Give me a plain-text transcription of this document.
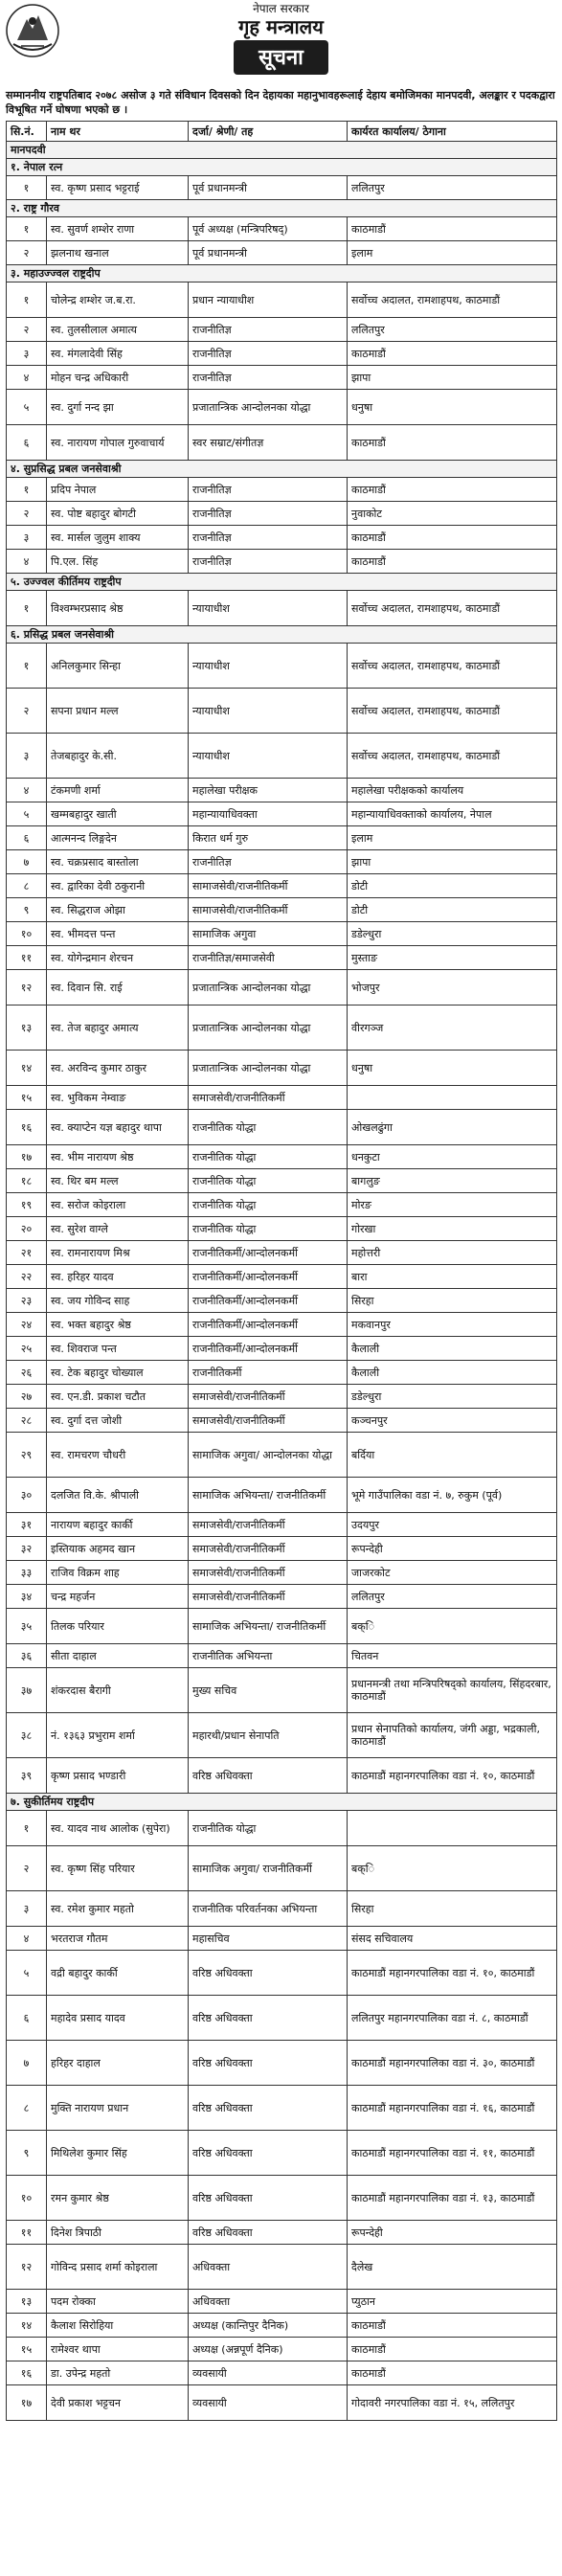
नेपाल सरकार
गृह मन्त्रालय
सूचना
सम्माननीय राष्ट्रपतिबाद २०७८ असोज ३ गते संविधान दिवसको दिन देहायका महानुभावहरूलाई देहाय बमोजिमका मानपदवी, अलङ्कार र पदकद्वारा विभूषित गर्ने घोषणा भएको छ ।
सि.नं.	नाम थर	दर्जा/ श्रेणी/ तह	कार्यरत कार्यालय/ ठेगाना
मानपदवी			
१. नेपाल रत्न			
१	स्व. कृष्ण प्रसाद भट्टराई	पूर्व प्रधानमन्त्री	ललितपुर
२. राष्ट्र गौरव			
१	स्व. सुवर्ण शम्शेर राणा	पूर्व अध्यक्ष (मन्त्रिपरिषद्)	काठमाडौं
२	झलनाथ खनाल	पूर्व प्रधानमन्त्री	इलाम
३. महाउज्ज्वल राष्ट्रदीप			
१	चोलेन्द्र शम्शेर ज.ब.रा.	प्रधान न्यायाधीश	सर्वोच्च अदालत, रामशाहपथ, काठमाडौं
२	स्व. तुलसीलाल अमात्य	राजनीतिज्ञ	ललितपुर
३	स्व. मंगलादेवी सिंह	राजनीतिज्ञ	काठमाडौं
४	मोहन चन्द्र अधिकारी	राजनीतिज्ञ	झापा
५	स्व. दुर्गा नन्द झा	प्रजातान्त्रिक आन्दोलनका योद्धा	धनुषा
६	स्व. नारायण गोपाल गुरुवाचार्य	स्वर सम्राट/संगीतज्ञ	काठमाडौं
४. सुप्रसिद्ध प्रबल जनसेवाश्री			
१	प्रदिप नेपाल	राजनीतिज्ञ	काठमाडौं
२	स्व. पोष्ट बहादुर बोगटी	राजनीतिज्ञ	नुवाकोट
३	स्व. मार्सल जुलुम शाक्य	राजनीतिज्ञ	काठमाडौं
४	पि.एल. सिंह	राजनीतिज्ञ	काठमाडौं
५. उज्ज्वल कीर्तिमय राष्ट्रदीप			
१	विश्वम्भरप्रसाद श्रेष्ठ	न्यायाधीश	सर्वोच्च अदालत, रामशाहपथ, काठमाडौं
६. प्रसिद्ध प्रबल जनसेवाश्री			
१	अनिलकुमार सिन्हा	न्यायाधीश	सर्वोच्च अदालत, रामशाहपथ, काठमाडौं
२	सपना प्रधान मल्ल	न्यायाधीश	सर्वोच्च अदालत, रामशाहपथ, काठमाडौं
३	तेजबहादुर के.सी.	न्यायाधीश	सर्वोच्च अदालत, रामशाहपथ, काठमाडौं
४	टंकमणी शर्मा	महालेखा परीक्षक	महालेखा परीक्षकको कार्यालय
५	खम्मबहादुर खाती	महान्यायाधिवक्ता	महान्यायाधिवक्ताको कार्यालय, नेपाल
६	आत्मनन्द लिङ्गदेन	किरात धर्म गुरु	इलाम
७	स्व. चक्रप्रसाद बास्तोला	राजनीतिज्ञ	झापा
८	स्व. द्वारिका देवी ठकुरानी	सामाजसेवी/राजनीतिकर्मी	डोटी
९	स्व. सिद्धराज ओझा	सामाजसेवी/राजनीतिकर्मी	डोटी
१०	स्व. भीमदत्त पन्त	सामाजिक अगुवा	डडेल्धुरा
११	स्व. योगेन्द्रमान शेरचन	राजनीतिज्ञ/समाजसेवी	मुस्ताङ
१२	स्व. दिवान सि. राई	प्रजातान्त्रिक आन्दोलनका योद्धा	भोजपुर
१३	स्व. तेज बहादुर अमात्य	प्रजातान्त्रिक आन्दोलनका योद्धा	वीरगञ्ज
१४	स्व. अरविन्द कुमार ठाकुर	प्रजातान्त्रिक आन्दोलनका योद्धा	धनुषा
१५	स्व. भुविकम नेम्वाङ	समाजसेवी/राजनीतिकर्मी	
१६	स्व. क्याप्टेन यज्ञ बहादुर थापा	राजनीतिक योद्धा	ओखलढुंगा
१७	स्व. भीम नारायण श्रेष्ठ	राजनीतिक योद्धा	धनकुटा
१८	स्व. थिर बम मल्ल	राजनीतिक योद्धा	बागलुङ
१९	स्व. सरोज कोइराला	राजनीतिक योद्धा	मोरङ
२०	स्व. सुरेश वाग्ले	राजनीतिक योद्धा	गोरखा
२१	स्व. रामनारायण मिश्र	राजनीतिकर्मी/आन्दोलनकर्मी	महोत्तरी
२२	स्व. हरिहर यादव	राजनीतिकर्मी/आन्दोलनकर्मी	बारा
२३	स्व. जय गोविन्द साह	राजनीतिकर्मी/आन्दोलनकर्मी	सिरहा
२४	स्व. भक्त बहादुर श्रेष्ठ	राजनीतिकर्मी/आन्दोलनकर्मी	मकवानपुर
२५	स्व. शिवराज पन्त	राजनीतिकर्मी/आन्दोलनकर्मी	कैलाली
२६	स्व. टेक बहादुर चोख्याल	राजनीतिकर्मी	कैलाली
२७	स्व. एन.डी. प्रकाश चटौत	समाजसेवी/राजनीतिकर्मी	डडेल्धुरा
२८	स्व. दुर्गा दत्त जोशी	समाजसेवी/राजनीतिकर्मी	कञ्चनपुर
२९	स्व. रामचरण चौधरी	सामाजिक अगुवा/ आन्दोलनका योद्धा	बर्दिया
३०	दलजित वि.के. श्रीपाली	सामाजिक अभियन्ता/ राजनीतिकर्मी	भूमे गाउँपालिका वडा नं. ७, रुकुम (पूर्व)
३१	नारायण बहादुर कार्की	समाजसेवी/राजनीतिकर्मी	उदयपुर
३२	इस्तियाक अहमद खान	समाजसेवी/राजनीतिकर्मी	रूपन्देही
३३	राजिव विक्रम शाह	समाजसेवी/राजनीतिकर्मी	जाजरकोट
३४	चन्द्र महर्जन	समाजसेवी/राजनीतिकर्मी	ललितपुर
३५	तिलक परियार	सामाजिक अभियन्ता/ राजनीतिकर्मी	बक्ि
३६	सीता दाहाल	राजनीतिक अभियन्ता	चितवन
३७	शंकरदास बैरागी	मुख्य सचिव	प्रधानमन्त्री तथा मन्त्रिपरिषद्को कार्यालय, सिंहदरबार, काठमाडौं
३८	नं. १३६३ प्रभुराम शर्मा	महारथी/प्रधान सेनापति	प्रधान सेनापतिको कार्यालय, जंगी अड्डा, भद्रकाली, काठमाडौं
३९	कृष्ण प्रसाद भण्डारी	वरिष्ठ अधिवक्ता	काठमाडौं महानगरपालिका वडा नं. १०, काठमाडौं
७. सुकीर्तिमय राष्ट्रदीप			
१	स्व. यादव नाथ आलोक (सुपेरा)	राजनीतिक योद्धा	
२	स्व. कृष्ण सिंह परियार	सामाजिक अगुवा/ राजनीतिकर्मी	बक्ि
३	स्व. रमेश कुमार महतो	राजनीतिक परिवर्तनका अभियन्ता	सिरहा
४	भरतराज गौतम	महासचिव	संसद सचिवालय
५	वद्री बहादुर कार्की	वरिष्ठ अधिवक्ता	काठमाडौं महानगरपालिका वडा नं. १०, काठमाडौं
६	महादेव प्रसाद यादव	वरिष्ठ अधिवक्ता	ललितपुर महानगरपालिका वडा नं. ८, काठमाडौं
७	हरिहर दाहाल	वरिष्ठ अधिवक्ता	काठमाडौं महानगरपालिका वडा नं. ३०, काठमाडौं
८	मुक्ति नारायण प्रधान	वरिष्ठ अधिवक्ता	काठमाडौं महानगरपालिका वडा नं. १६, काठमाडौं
९	मिथिलेश कुमार सिंह	वरिष्ठ अधिवक्ता	काठमाडौं महानगरपालिका वडा नं. ११, काठमाडौं
१०	रमन कुमार श्रेष्ठ	वरिष्ठ अधिवक्ता	काठमाडौं महानगरपालिका वडा नं. १३, काठमाडौं
११	दिनेश त्रिपाठी	वरिष्ठ अधिवक्ता	रूपन्देही
१२	गोविन्द प्रसाद शर्मा कोइराला	अधिवक्ता	दैलेख
१३	पदम रोक्का	अधिवक्ता	प्युठान
१४	कैलाश सिरोहिया	अध्यक्ष (कान्तिपुर दैनिक)	काठमाडौं
१५	रामेश्वर थापा	अध्यक्ष (अन्नपूर्ण दैनिक)	काठमाडौं
१६	डा. उपेन्द्र महतो	व्यवसायी	काठमाडौं
१७	देवी प्रकाश भट्टचन	व्यवसायी	गोदावरी नगरपालिका वडा नं. १५, ललितपुर
